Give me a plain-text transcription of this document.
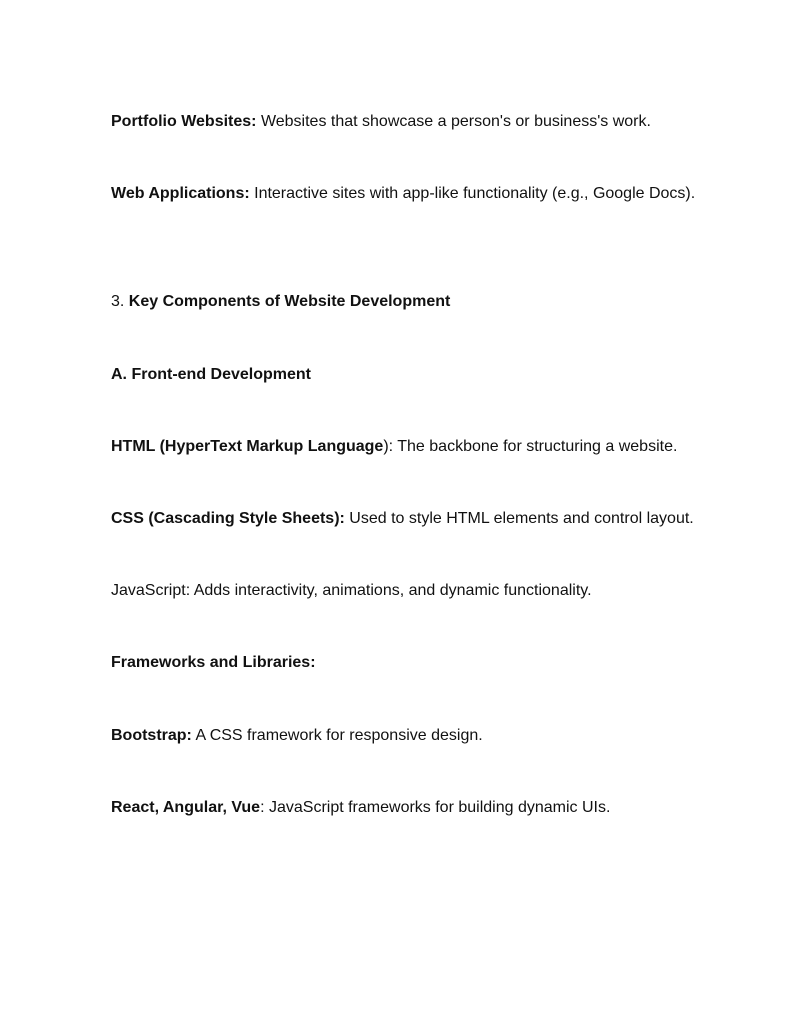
Portfolio Websites: Websites that showcase a person's or business's work.
Web Applications: Interactive sites with app-like functionality (e.g., Google Docs).
3. Key Components of Website Development
A. Front-end Development
HTML (HyperText Markup Language): The backbone for structuring a website.
CSS (Cascading Style Sheets): Used to style HTML elements and control layout.
JavaScript: Adds interactivity, animations, and dynamic functionality.
Frameworks and Libraries:
Bootstrap: A CSS framework for responsive design.
React, Angular, Vue: JavaScript frameworks for building dynamic UIs.
